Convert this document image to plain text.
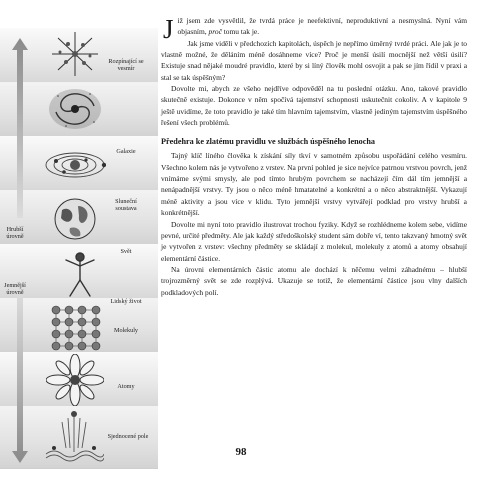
Hrubší úrovně
Jemnější úrovně
Rozpínající se vesmír
Galaxie
Sluneční soustava
Svět
Lidský život
Molekuly
Atomy
Sjednocené pole

Již jsem zde vysvětlil, že tvrdá práce je neefektivní, neproduktivní a nesmyslná. Nyní vám objasním, proč tomu tak je.

Jak jsme viděli v předchozích kapitolách, úspěch je nepřímo úměrný tvrdé práci. Ale jak je to vlastně možné, že děláním méně dosáhneme více? Proč je menší úsilí mocnější než větší úsilí? Existuje snad nějaké moudré pravidlo, které by si líný člověk mohl osvojit a pak se jím řídil v praxi a stal se tak úspěšným?

Dovolte mi, abych ze všeho nejdříve odpověděl na tu poslední otázku. Ano, takové pravidlo skutečně existuje. Dokonce v něm spočívá tajemství schopnosti uskutečnit cokoliv. A v kapitole 9 ještě uvidíme, že toto pravidlo je také tím hlavním tajemstvím, vlastně jediným tajemstvím úspěšného řešení všech problémů.

Předehra ke zlatému pravidlu ve službách úspěšného lenocha

Tajný klíč líného člověka k získání síly tkví v samotném způsobu uspořádání celého vesmíru. Všechno kolem nás je vytvořeno z vrstev. Na první pohled je sice nejvíce patrnou vrstvou povrch, jenž vnímáme svými smysly, ale pod tímto hrubým povrchem se nacházejí čím dál tím jemnější a nenápadnější vrstvy. Ty jsou o něco méně hmatatelné a konkrétní a o něco abstraktnější. Vykazují méně aktivity a jsou více v klidu. Tyto jemnější vrstvy vytvářejí podklad pro vrstvy hrubší a konkrétnější.

Dovolte mi nyní toto pravidlo ilustrovat trochou fyziky. Když se rozhlédneme kolem sebe, vidíme pevné, určité předměty. Ale jak každý středoškolský student sám dobře ví, tento takzvaný hmotný svět je vytvořen z vrstev: všechny předměty se skládají z molekul, molekuly z atomů a atomy obsahují elementární částice.

Na úrovni elementárních částic atomu ale dochází k něčemu velmi záhadnému – hlubší trojrozměrný svět se zde rozplývá. Ukazuje se totiž, že elementární částice jsou vlny dalších podkladových polí.

98
